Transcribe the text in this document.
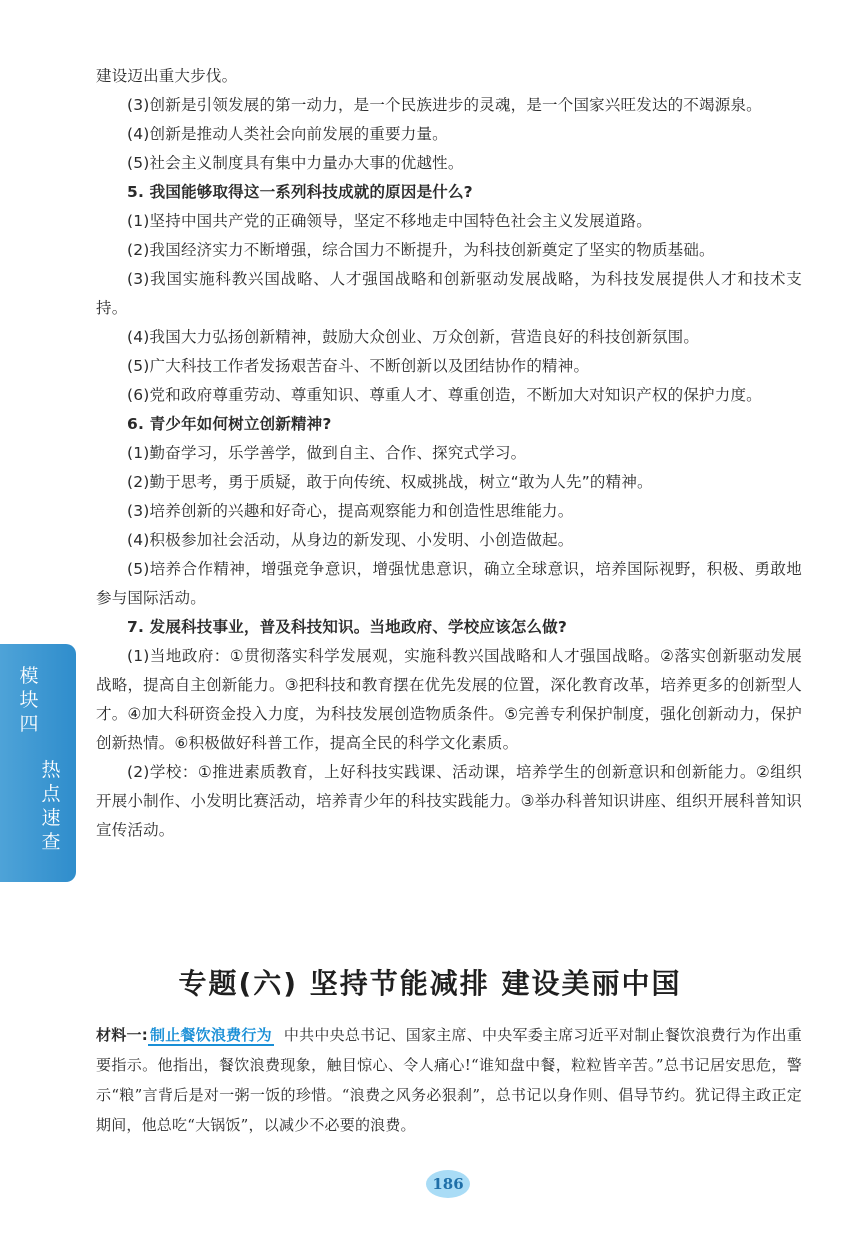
建设迈出重大步伐。

(3)创新是引领发展的第一动力，是一个民族进步的灵魂，是一个国家兴旺发达的不竭源泉。

(4)创新是推动人类社会向前发展的重要力量。

(5)社会主义制度具有集中力量办大事的优越性。

5. 我国能够取得这一系列科技成就的原因是什么?

(1)坚持中国共产党的正确领导，坚定不移地走中国特色社会主义发展道路。

(2)我国经济实力不断增强，综合国力不断提升，为科技创新奠定了坚实的物质基础。

(3)我国实施科教兴国战略、人才强国战略和创新驱动发展战略，为科技发展提供人才和技术支持。

(4)我国大力弘扬创新精神，鼓励大众创业、万众创新，营造良好的科技创新氛围。

(5)广大科技工作者发扬艰苦奋斗、不断创新以及团结协作的精神。

(6)党和政府尊重劳动、尊重知识、尊重人才、尊重创造，不断加大对知识产权的保护力度。

6. 青少年如何树立创新精神?

(1)勤奋学习，乐学善学，做到自主、合作、探究式学习。

(2)勤于思考，勇于质疑，敢于向传统、权威挑战，树立“敢为人先”的精神。

(3)培养创新的兴趣和好奇心，提高观察能力和创造性思维能力。

(4)积极参加社会活动，从身边的新发现、小发明、小创造做起。

(5)培养合作精神，增强竞争意识，增强忧患意识，确立全球意识，培养国际视野，积极、勇敢地参与国际活动。

7. 发展科技事业，普及科技知识。当地政府、学校应该怎么做?

(1)当地政府：①贯彻落实科学发展观，实施科教兴国战略和人才强国战略。②落实创新驱动发展战略，提高自主创新能力。③把科技和教育摆在优先发展的位置，深化教育改革，培养更多的创新型人才。④加大科研资金投入力度，为科技发展创造物质条件。⑤完善专利保护制度，强化创新动力，保护创新热情。⑥积极做好科普工作，提高全民的科学文化素质。

(2)学校：①推进素质教育，上好科技实践课、活动课，培养学生的创新意识和创新能力。②组织开展小制作、小发明比赛活动，培养青少年的科技实践能力。③举办科普知识讲座、组织开展科普知识宣传活动。

模
块
四
热
点
速
查
专题(六) 坚持节能减排 建设美丽中国

材料一: 制止餐饮浪费行为 中共中央总书记、国家主席、中央军委主席习近平对制止餐饮浪费行为作出重要指示。他指出，餐饮浪费现象，触目惊心、令人痛心!“谁知盘中餐，粒粒皆辛苦。”总书记居安思危，警示“粮”言背后是对一粥一饭的珍惜。“浪费之风务必狠刹”，总书记以身作则、倡导节约。犹记得主政正定期间，他总吃“大锅饭”，以减少不必要的浪费。

186
